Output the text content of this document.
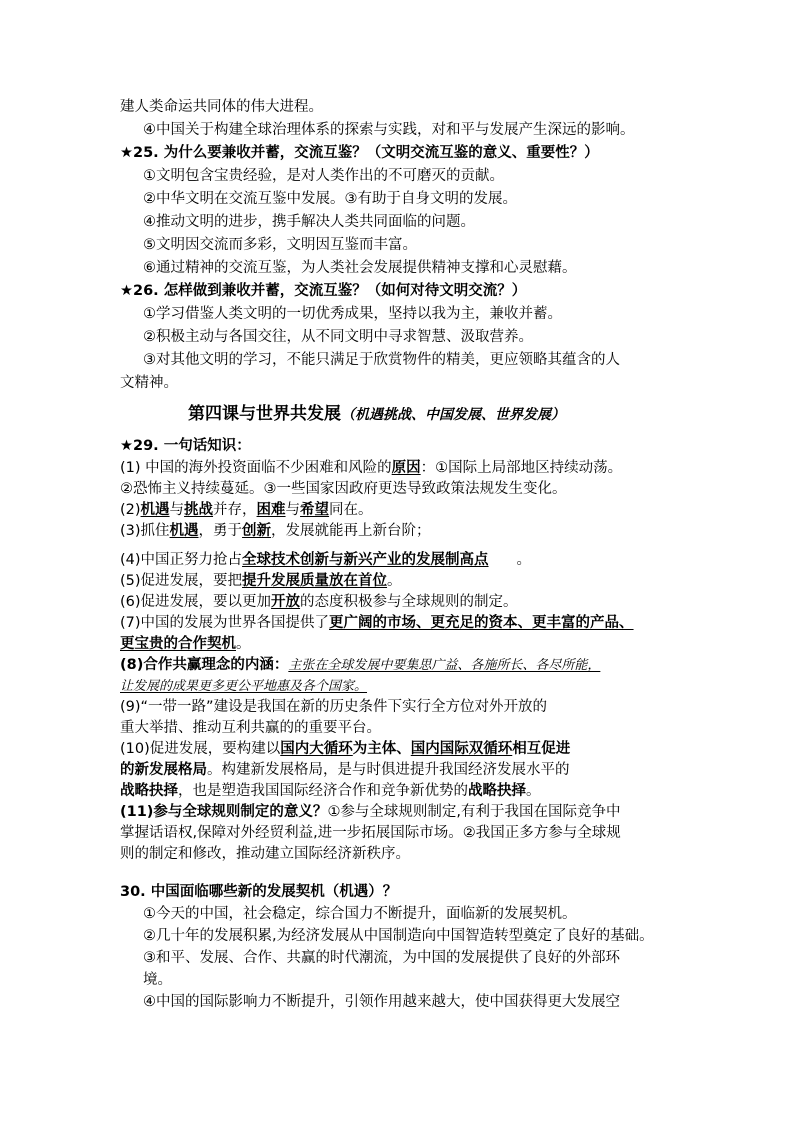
建人类命运共同体的伟大进程。
④中国关于构建全球治理体系的探索与实践，对和平与发展产生深远的影响。
★25. 为什么要兼收并蓄，交流互鉴？（文明交流互鉴的意义、重要性？）
①文明包含宝贵经验，是对人类作出的不可磨灭的贡献。
②中华文明在交流互鉴中发展。③有助于自身文明的发展。
④推动文明的进步，携手解决人类共同面临的问题。
⑤文明因交流而多彩，文明因互鉴而丰富。
⑥通过精神的交流互鉴，为人类社会发展提供精神支撑和心灵慰藉。
★26. 怎样做到兼收并蓄，交流互鉴？（如何对待文明交流？）
①学习借鉴人类文明的一切优秀成果，坚持以我为主，兼收并蓄。
②积极主动与各国交往，从不同文明中寻求智慧、汲取营养。
③对其他文明的学习，不能只满足于欣赏物件的精美，更应领略其蕴含的人
文精神。
第四课与世界共发展（机遇挑战、中国发展、世界发展）
★29. 一句话知识：
(1) 中国的海外投资面临不少困难和风险的原因：①国际上局部地区持续动荡。
②恐怖主义持续蔓延。③一些国家因政府更迭导致政策法规发生变化。
(2)机遇与挑战并存，困难与希望同在。
(3)抓住机遇，勇于创新，发展就能再上新台阶；
(4)中国正努力抢占全球技术创新与新兴产业的发展制高点 。
(5)促进发展，要把提升发展质量放在首位。
(6)促进发展，要以更加开放的态度积极参与全球规则的制定。
(7)中国的发展为世界各国提供了更广阔的市场、更充足的资本、更丰富的产品、
更宝贵的合作契机。
(8)合作共赢理念的内涵：主张在全球发展中要集思广益、各施所长、各尽所能，
让发展的成果更多更公平地惠及各个国家。
(9)“一带一路”建设是我国在新的历史条件下实行全方位对外开放的
重大举措、推动互利共赢的的重要平台。
(10)促进发展，要构建以国内大循环为主体、国内国际双循环相互促进
的新发展格局。构建新发展格局，是与时俱进提升我国经济发展水平的
战略抉择，也是塑造我国国际经济合作和竞争新优势的战略抉择。
(11)参与全球规则制定的意义？①参与全球规则制定,有利于我国在国际竞争中
掌握话语权,保障对外经贸利益,进一步拓展国际市场。②我国正多方参与全球规
则的制定和修改，推动建立国际经济新秩序。
30. 中国面临哪些新的发展契机（机遇）？
①今天的中国，社会稳定，综合国力不断提升，面临新的发展契机。
②几十年的发展积累,为经济发展从中国制造向中国智造转型奠定了良好的基础。
③和平、发展、合作、共赢的时代潮流，为中国的发展提供了良好的外部环
境。
④中国的国际影响力不断提升，引领作用越来越大，使中国获得更大发展空
